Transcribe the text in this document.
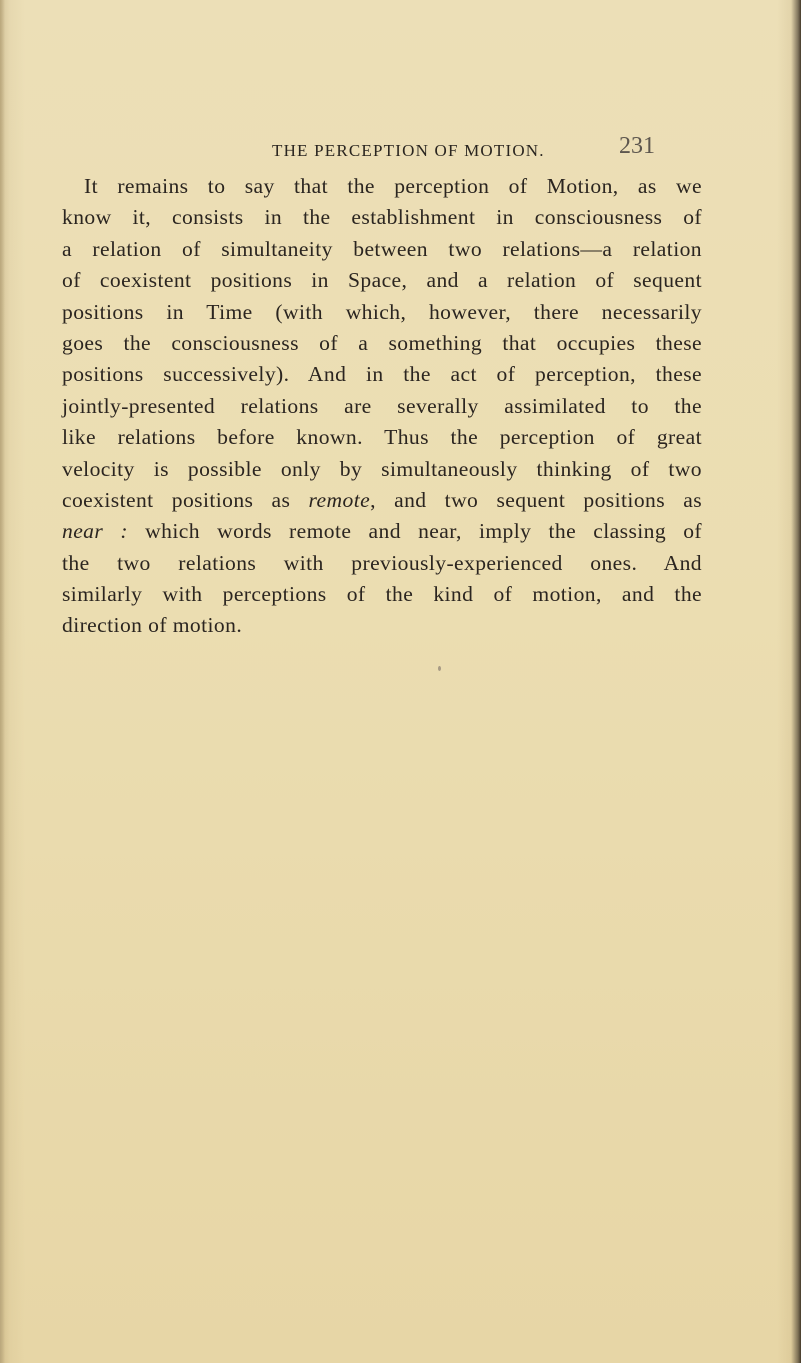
THE PERCEPTION OF MOTION.	231
It remains to say that the perception of Motion, as we
know it, consists in the establishment in consciousness of
a relation of simultaneity between two relations—a relation
of coexistent positions in Space, and a relation of sequent
positions in Time (with which, however, there necessarily
goes the consciousness of a something that occupies these
positions successively). And in the act of perception, these
jointly-presented relations are severally assimilated to the
like relations before known. Thus the perception of great
velocity is possible only by simultaneously thinking of two
coexistent positions as remote, and two sequent positions as
near : which words remote and near, imply the classing of
the two relations with previously-experienced ones. And
similarly with perceptions of the kind of motion, and the
direction of motion.
